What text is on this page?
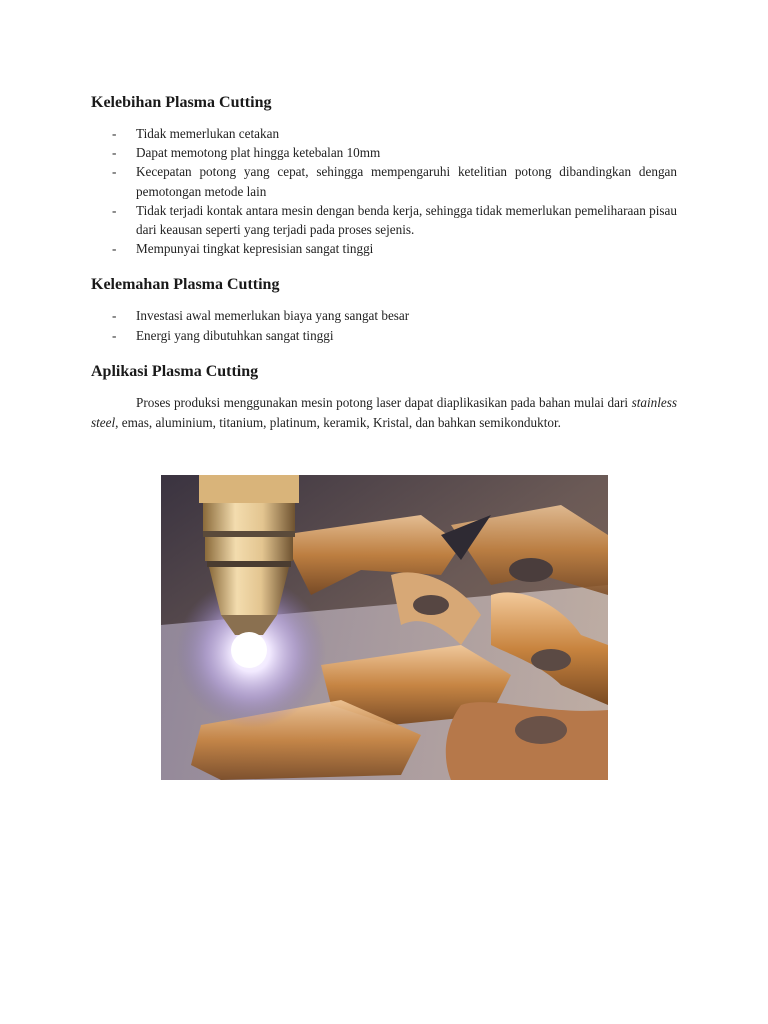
Kelebihan Plasma Cutting
- Tidak memerlukan cetakan
- Dapat memotong plat hingga ketebalan 10mm
- Kecepatan potong yang cepat, sehingga mempengaruhi ketelitian potong dibandingkan dengan pemotongan metode lain
- Tidak terjadi kontak antara mesin dengan benda kerja, sehingga tidak memerlukan pemeliharaan pisau dari keausan seperti yang terjadi pada proses sejenis.
- Mempunyai tingkat kepresisian sangat tinggi
Kelemahan Plasma Cutting
- Investasi awal memerlukan biaya yang sangat besar
- Energi yang dibutuhkan sangat tinggi
Aplikasi Plasma Cutting

Proses produksi menggunakan mesin potong laser dapat diaplikasikan pada bahan mulai dari stainless steel, emas, aluminium, titanium, platinum, keramik, Kristal, dan bahkan semikonduktor.
